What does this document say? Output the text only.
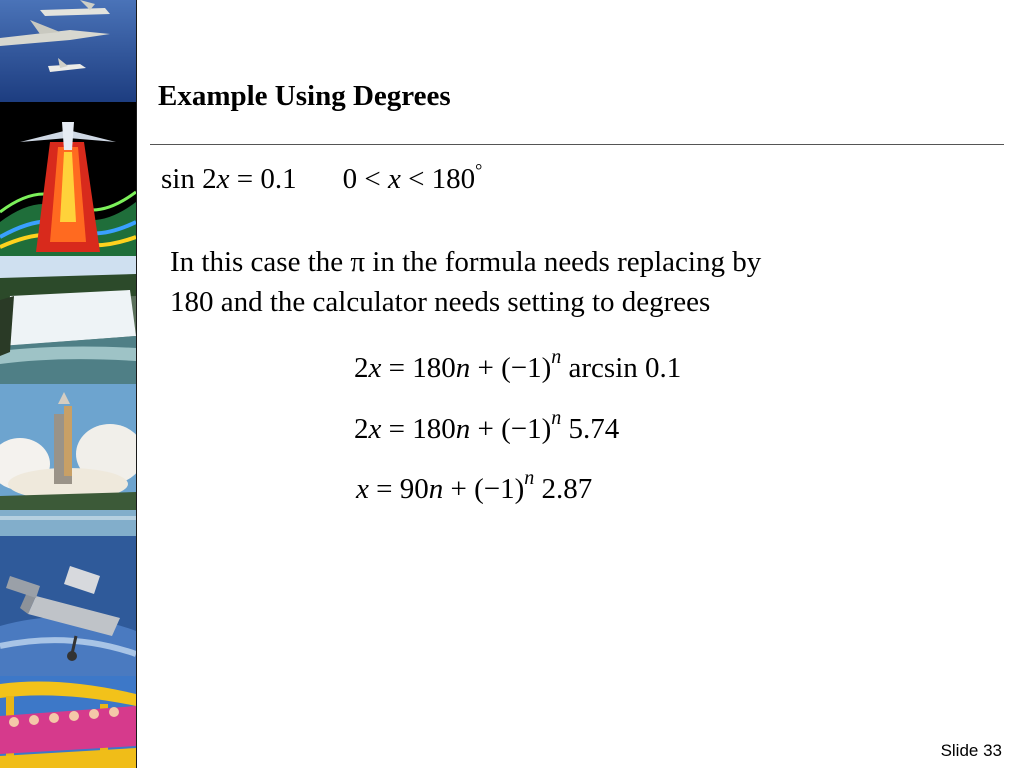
Example Using Degrees
sin 2x = 0.1 0 < x < 180°
In this case the π in the formula needs replacing by
180 and the calculator needs setting to degrees
$2x = 180n + (-1)^n$ arcsin 0.1
$2x = 180n + (-1)^n$ 5.74
$x = 90n + (-1)^n$ 2.87
Slide 33
